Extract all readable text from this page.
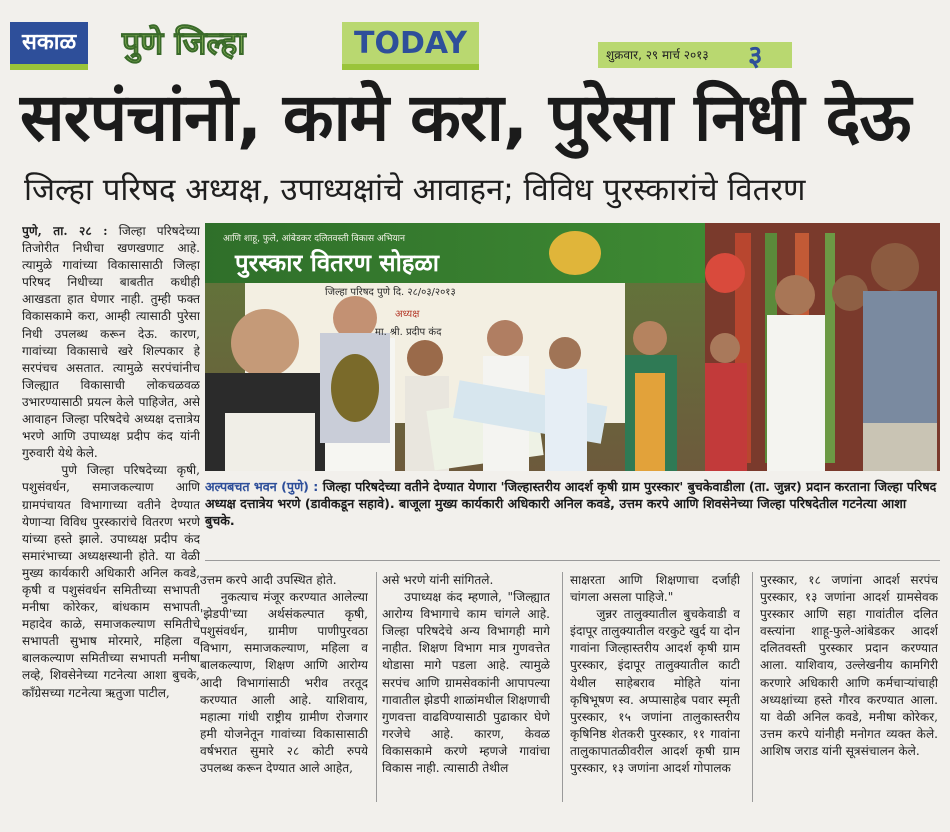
सकाळ	पुणे जिल्हा	TODAY	शुक्रवार, २९ मार्च २०१३	३
सरपंचांनो, कामे करा, पुरेसा निधी देऊ
जिल्हा परिषद अध्यक्ष, उपाध्यक्षांचे आवाहन; विविध पुरस्कारांचे वितरण
पुणे, ता. २८ : जिल्हा परिषदेच्या तिजोरीत निधीचा खणखणाट आहे. त्यामुळे गावांच्या विकासासाठी जिल्हा परिषद निधीच्या बाबतीत कधीही आखडता हात घेणार नाही. तुम्ही फक्त विकासकामे करा, आम्ही त्यासाठी पुरेसा निधी उपलब्ध करून देऊ. कारण, गावांच्या विकासाचे खरे शिल्पकार हे सरपंचच असतात. त्यामुळे सरपंचांनीच जिल्ह्यात विकासाची लोकचळवळ उभारण्यासाठी प्रयत्न केले पाहिजेत, असे आवाहन जिल्हा परिषदेचे अध्यक्ष दत्तात्रेय भरणे आणि उपाध्यक्ष प्रदीप कंद यांनी गुरुवारी येथे केले.
पुणे जिल्हा परिषदेच्या कृषी, पशुसंवर्धन, समाजकल्याण आणि ग्रामपंचायत विभागाच्या वतीने देण्यात येणाऱ्या विविध पुरस्कारांचे वितरण भरणे यांच्या हस्ते झाले. उपाध्यक्ष प्रदीप कंद समारंभाच्या अध्यक्षस्थानी होते. या वेळी मुख्य कार्यकारी अधिकारी अनिल कवडे, कृषी व पशुसंवर्धन समितीच्या सभापती मनीषा कोरेकर, बांधकाम सभापती महादेव काळे, समाजकल्याण समितीचे सभापती सुभाष मोरमारे, महिला व बालकल्याण समितीच्या सभापती मनीषा लव्हे, शिवसेनेच्या गटनेत्या आशा बुचके, काँग्रेसच्या गटनेत्या ऋतुजा पाटील,
आणि शाहू, फुले, आंबेडकर दलितवस्ती विकास अभियान
पुरस्कार वितरण सोहळा
जिल्हा परिषद पुणे दि. २८/०३/२०१३
अध्यक्ष
मा. श्री. प्रदीप कंद
अल्पबचत भवन (पुणे) : जिल्हा परिषदेच्या वतीने देण्यात येणारा 'जिल्हास्तरीय आदर्श कृषी ग्राम पुरस्कार' बुचकेवाडीला (ता. जुन्नर) प्रदान करताना जिल्हा परिषद अध्यक्ष दत्तात्रेय भरणे (डावीकडून सहावे). बाजूला मुख्य कार्यकारी अधिकारी अनिल कवडे, उत्तम करपे आणि शिवसेनेच्या जिल्हा परिषदेतील गटनेत्या आशा बुचके.
उत्तम करपे आदी उपस्थित होते.
नुकत्याच मंजूर करण्यात आलेल्या 'झेडपी'च्या अर्थसंकल्पात कृषी, पशुसंवर्धन, ग्रामीण पाणीपुरवठा विभाग, समाजकल्याण, महिला व बालकल्याण, शिक्षण आणि आरोग्य आदी विभागांसाठी भरीव तरतूद करण्यात आली आहे. याशिवाय, महात्मा गांधी राष्ट्रीय ग्रामीण रोजगार हमी योजनेतून गावांच्या विकासासाठी वर्षभरात सुमारे २८ कोटी रुपये उपलब्ध करून देण्यात आले आहेत,
असे भरणे यांनी सांगितले.
उपाध्यक्ष कंद म्हणाले, "जिल्ह्यात आरोग्य विभागाचे काम चांगले आहे. जिल्हा परिषदेचे अन्य विभागही मागे नाहीत. शिक्षण विभाग मात्र गुणवत्तेत थोडासा मागे पडला आहे. त्यामुळे सरपंच आणि ग्रामसेवकांनी आपापल्या गावातील झेडपी शाळांमधील शिक्षणाची गुणवत्ता वाढविण्यासाठी पुढाकार घेणे गरजेचे आहे. कारण, केवळ विकासकामे करणे म्हणजे गावांचा विकास नाही. त्यासाठी तेथील
साक्षरता आणि शिक्षणाचा दर्जाही चांगला असला पाहिजे."
जुन्नर तालुक्यातील बुचकेवाडी व इंदापूर तालुक्यातील वरकुटे खुर्द या दोन गावांना जिल्हास्तरीय आदर्श कृषी ग्राम पुरस्कार, इंदापूर तालुक्यातील काटी येथील साहेबराव मोहिते यांना कृषिभूषण स्व. अप्पासाहेब पवार स्मृती पुरस्कार, १५ जणांना तालुकास्तरीय कृषिनिष्ठ शेतकरी पुरस्कार, ११ गावांना तालुकापातळीवरील आदर्श कृषी ग्राम पुरस्कार, १३ जणांना आदर्श गोपालक
पुरस्कार, १८ जणांना आदर्श सरपंच पुरस्कार, १३ जणांना आदर्श ग्रामसेवक पुरस्कार आणि सहा गावांतील दलित वस्त्यांना शाहू-फुले-आंबेडकर आदर्श दलितवस्ती पुरस्कार प्रदान करण्यात आला. याशिवाय, उल्लेखनीय कामगिरी करणारे अधिकारी आणि कर्मचाऱ्यांचाही अध्यक्षांच्या हस्ते गौरव करण्यात आला. या वेळी अनिल कवडे, मनीषा कोरेकर, उत्तम करपे यांनीही मनोगत व्यक्त केले. आशिष जराड यांनी सूत्रसंचालन केले.
